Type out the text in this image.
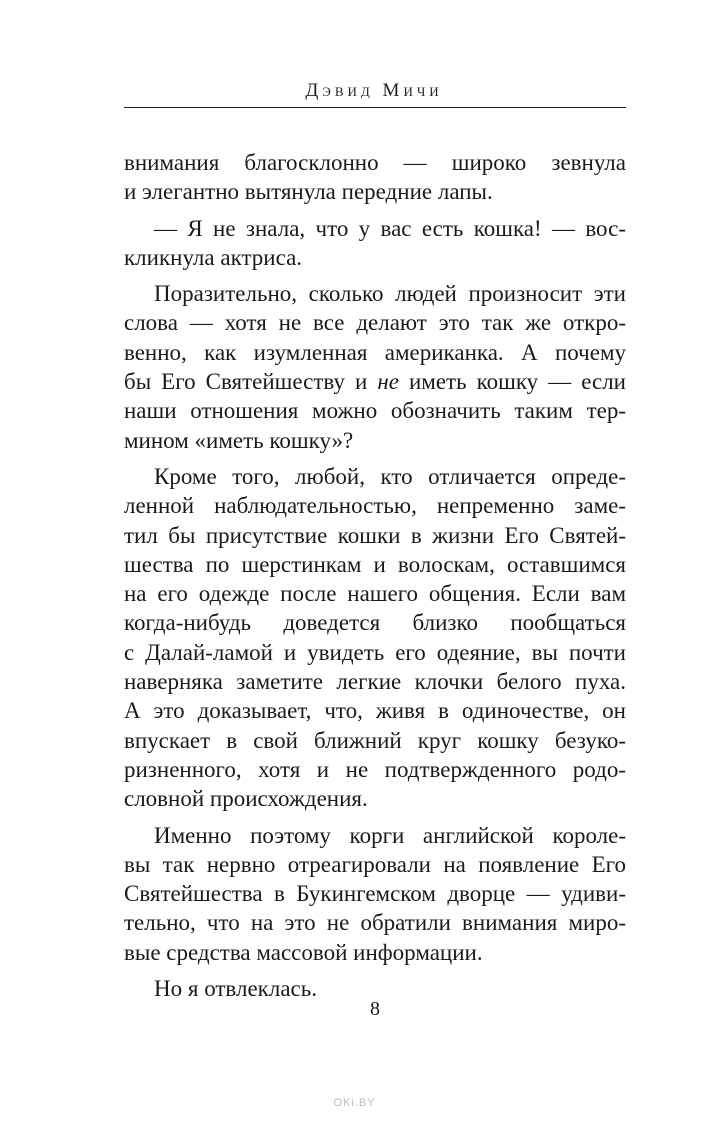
Дэвид Мичи
внимания благосклонно — широко зевнула
и элегантно вытянула передние лапы.
— Я не знала, что у вас есть кошка! — вос-
кликнула актриса.
Поразительно, сколько людей произносит эти
слова — хотя не все делают это так же откро-
венно, как изумленная американка. А почему
бы Его Святейшеству и не иметь кошку — если
наши отношения можно обозначить таким тер-
мином «иметь кошку»?
Кроме того, любой, кто отличается опреде-
ленной наблюдательностью, непременно заме-
тил бы присутствие кошки в жизни Его Святей-
шества по шерстинкам и волоскам, оставшимся
на его одежде после нашего общения. Если вам
когда-нибудь доведется близко пообщаться
с Далай-ламой и увидеть его одеяние, вы почти
наверняка заметите легкие клочки белого пуха.
А это доказывает, что, живя в одиночестве, он
впускает в свой ближний круг кошку безуко-
ризненного, хотя и не подтвержденного родо-
словной происхождения.
Именно поэтому корги английской короле-
вы так нервно отреагировали на появление Его
Святейшества в Букингемском дворце — удиви-
тельно, что на это не обратили внимания миро-
вые средства массовой информации.
Но я отвлеклась.
8
OKi.BY
